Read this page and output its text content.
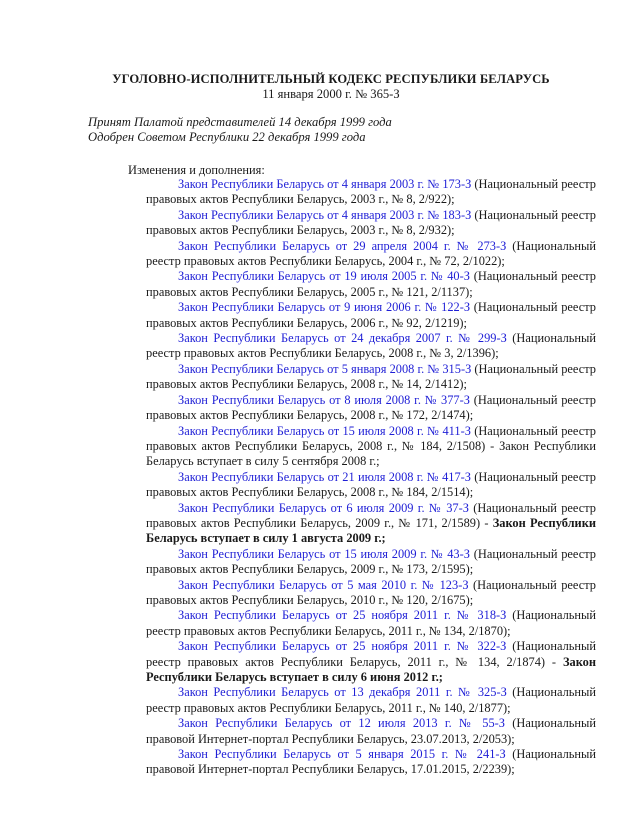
УГОЛОВНО-ИСПОЛНИТЕЛЬНЫЙ КОДЕКС РЕСПУБЛИКИ БЕЛАРУСЬ
11 января 2000 г. № 365-З
Принят Палатой представителей 14 декабря 1999 года
Одобрен Советом Республики 22 декабря 1999 года
Изменения и дополнения:

Закон Республики Беларусь от 4 января 2003 г. № 173-З (Национальный реестр правовых актов Республики Беларусь, 2003 г., № 8, 2/922);

Закон Республики Беларусь от 4 января 2003 г. № 183-З (Национальный реестр правовых актов Республики Беларусь, 2003 г., № 8, 2/932);

Закон Республики Беларусь от 29 апреля 2004 г. № 273-З (Национальный реестр правовых актов Республики Беларусь, 2004 г., № 72, 2/1022);

Закон Республики Беларусь от 19 июля 2005 г. № 40-З (Национальный реестр правовых актов Республики Беларусь, 2005 г., № 121, 2/1137);

Закон Республики Беларусь от 9 июня 2006 г. № 122-З (Национальный реестр правовых актов Республики Беларусь, 2006 г., № 92, 2/1219);

Закон Республики Беларусь от 24 декабря 2007 г. № 299-З (Национальный реестр правовых актов Республики Беларусь, 2008 г., № 3, 2/1396);

Закон Республики Беларусь от 5 января 2008 г. № 315-З (Национальный реестр правовых актов Республики Беларусь, 2008 г., № 14, 2/1412);

Закон Республики Беларусь от 8 июля 2008 г. № 377-З (Национальный реестр правовых актов Республики Беларусь, 2008 г., № 172, 2/1474);

Закон Республики Беларусь от 15 июля 2008 г. № 411-З (Национальный реестр правовых актов Республики Беларусь, 2008 г., № 184, 2/1508) - Закон Республики Беларусь вступает в силу 5 сентября 2008 г.;

Закон Республики Беларусь от 21 июля 2008 г. № 417-З (Национальный реестр правовых актов Республики Беларусь, 2008 г., № 184, 2/1514);

Закон Республики Беларусь от 6 июля 2009 г. № 37-З (Национальный реестр правовых актов Республики Беларусь, 2009 г., № 171, 2/1589) - Закон Республики Беларусь вступает в силу 1 августа 2009 г.;

Закон Республики Беларусь от 15 июля 2009 г. № 43-З (Национальный реестр правовых актов Республики Беларусь, 2009 г., № 173, 2/1595);

Закон Республики Беларусь от 5 мая 2010 г. № 123-З (Национальный реестр правовых актов Республики Беларусь, 2010 г., № 120, 2/1675);

Закон Республики Беларусь от 25 ноября 2011 г. № 318-З (Национальный реестр правовых актов Республики Беларусь, 2011 г., № 134, 2/1870);

Закон Республики Беларусь от 25 ноября 2011 г. № 322-З (Национальный реестр правовых актов Республики Беларусь, 2011 г., № 134, 2/1874) - Закон Республики Беларусь вступает в силу 6 июня 2012 г.;

Закон Республики Беларусь от 13 декабря 2011 г. № 325-З (Национальный реестр правовых актов Республики Беларусь, 2011 г., № 140, 2/1877);

Закон Республики Беларусь от 12 июля 2013 г. № 55-З (Национальный правовой Интернет-портал Республики Беларусь, 23.07.2013, 2/2053);

Закон Республики Беларусь от 5 января 2015 г. № 241-З (Национальный правовой Интернет-портал Республики Беларусь, 17.01.2015, 2/2239);
